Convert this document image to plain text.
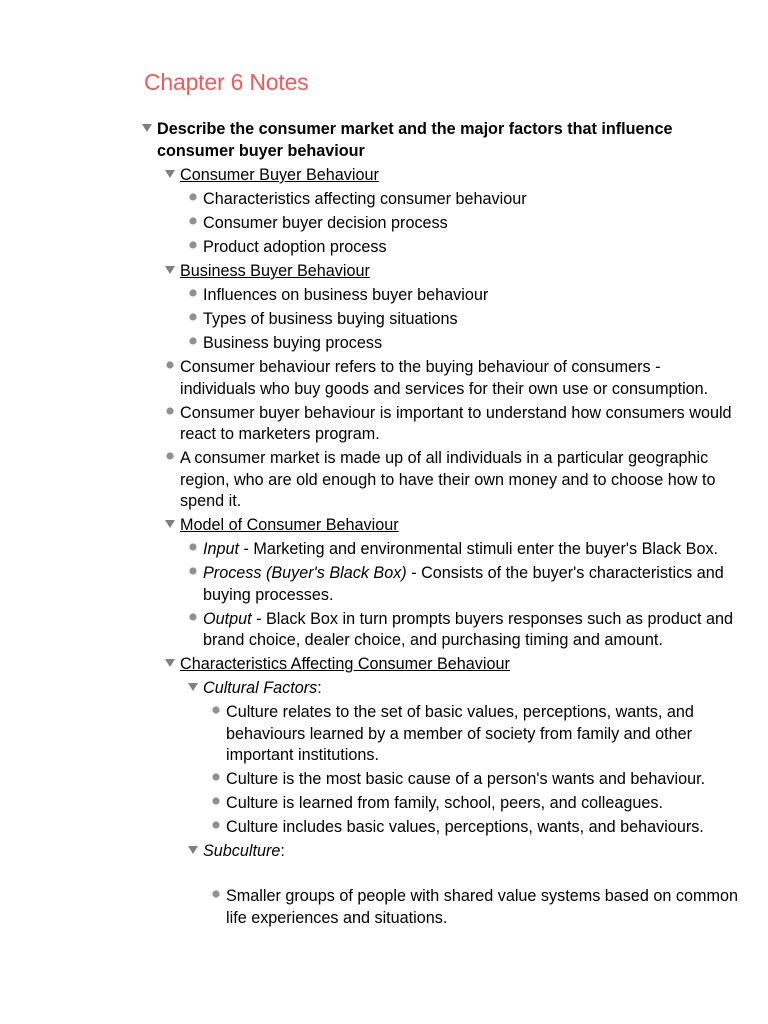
Chapter 6 Notes
Describe the consumer market and the major factors that influence consumer buyer behaviour
Consumer Buyer Behaviour
Characteristics affecting consumer behaviour
Consumer buyer decision process
Product adoption process
Business Buyer Behaviour
Influences on business buyer behaviour
Types of business buying situations
Business buying process
Consumer behaviour refers to the buying behaviour of consumers - individuals who buy goods and services for their own use or consumption.
Consumer buyer behaviour is important to understand how consumers would react to marketers program.
A consumer market is made up of all individuals in a particular geographic region, who are old enough to have their own money and to choose how to spend it.
Model of Consumer Behaviour
Input - Marketing and environmental stimuli enter the buyer's Black Box.
Process (Buyer's Black Box) - Consists of the buyer's characteristics and buying processes.
Output - Black Box in turn prompts buyers responses such as product and brand choice, dealer choice, and purchasing timing and amount.
Characteristics Affecting Consumer Behaviour
Cultural Factors:
Culture relates to the set of basic values, perceptions, wants, and behaviours learned by a member of society from family and other important institutions.
Culture is the most basic cause of a person's wants and behaviour.
Culture is learned from family, school, peers, and colleagues.
Culture includes basic values, perceptions, wants, and behaviours.
Subculture:
Smaller groups of people with shared value systems based on common life experiences and situations.
